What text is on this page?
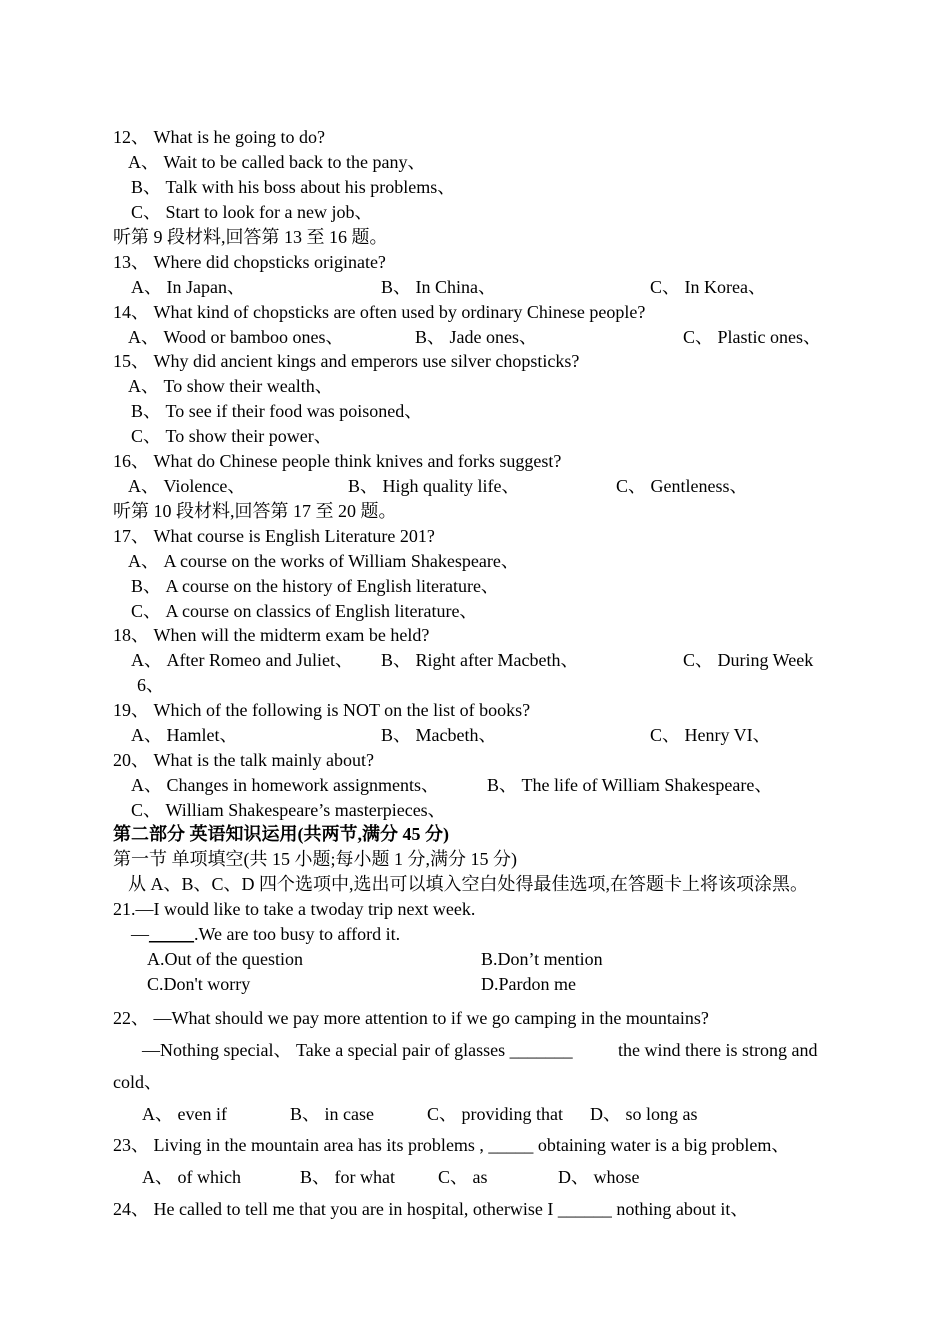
12、 What is he going to do?
A、 Wait to be called back to the pany、
B、 Talk with his boss about his problems、
C、 Start to look for a new job、
听第 9 段材料,回答第 13 至 16 题。
13、 Where did chopsticks originate?
A、 In Japan、	B、 In China、	C、 In Korea、
14、 What kind of chopsticks are often used by ordinary Chinese people?
A、 Wood or bamboo ones、	B、 Jade ones、	C、 Plastic ones、
15、 Why did ancient kings and emperors use silver chopsticks?
A、 To show their wealth、
B、 To see if their food was poisoned、
C、 To show their power、
16、 What do Chinese people think knives and forks suggest?
A、 Violence、	B、 High quality life、	C、 Gentleness、
听第 10 段材料,回答第 17 至 20 题。
17、 What course is English Literature 201?
A、 A course on the works of William Shakespeare、
B、 A course on the history of English literature、
C、 A course on classics of English literature、
18、 When will the midterm exam be held?
A、 After Romeo and Juliet、 B、 Right after Macbeth、	C、 During Week
6、
19、 Which of the following is NOT on the list of books?
A、 Hamlet、	B、 Macbeth、	C、 Henry VI、
20、 What is the talk mainly about?
A、 Changes in homework assignments、	B、 The life of William Shakespeare、
C、 William Shakespeare’s masterpieces、
第二部分 英语知识运用(共两节,满分 45 分)
第一节 单项填空(共 15 小题;每小题 1 分,满分 15 分)
从 A、B、C、D 四个选项中,选出可以填入空白处得最佳选项,在答题卡上将该项涂黑。
21.—I would like to take a twoday trip next week.
—_____.We are too busy to afford it.
A.Out of the question	B.Don’t mention
C.Don't worry	D.Pardon me
22、 —What should we pay more attention to if we go camping in the mountains?
—Nothing special、 Take a special pair of glasses _______	the wind there is strong and
cold、
A、 even if	B、 in case	C、 providing that D、 so long as
23、 Living in the mountain area has its problems , _____ obtaining water is a big problem、
A、 of which	B、 for what C、 as	D、 whose
24、 He called to tell me that you are in hospital, otherwise I ______ nothing about it、
